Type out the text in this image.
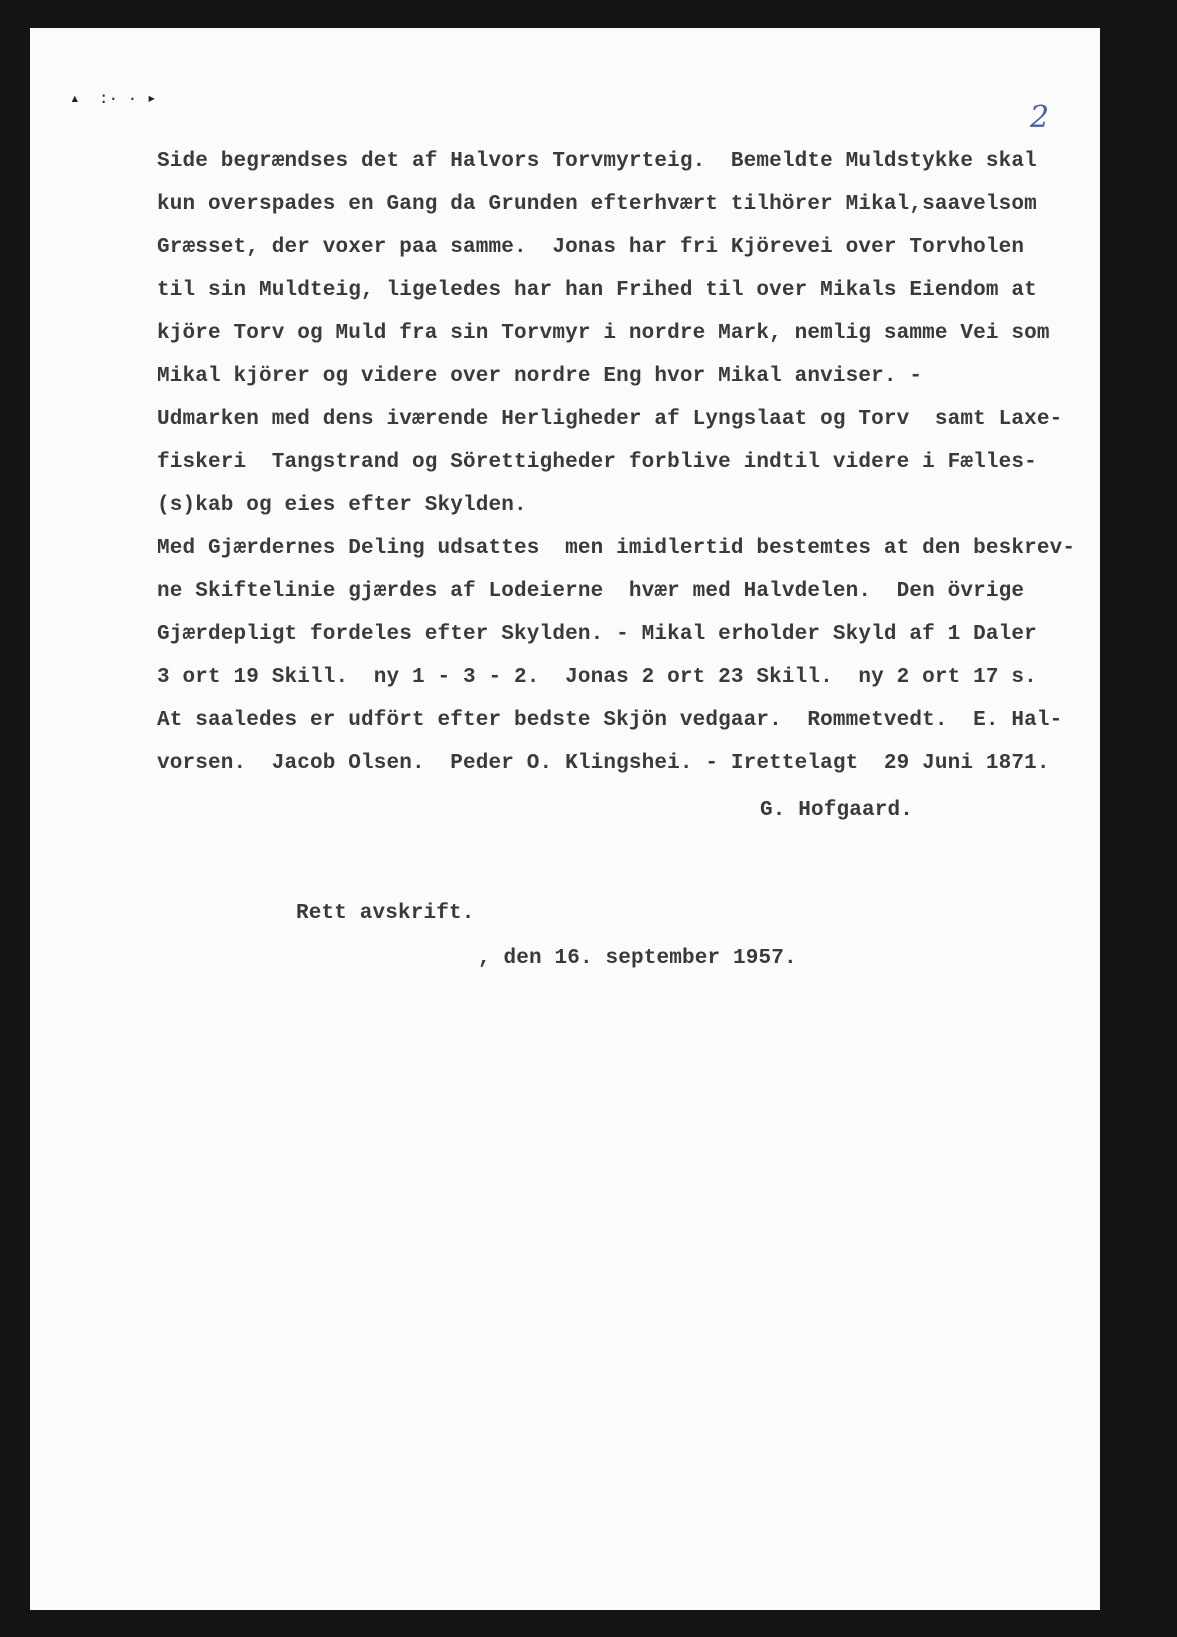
▴  :· · ▸
2
Side begrændses det af Halvors Torvmyrteig.  Bemeldte Muldstykke skal
kun overspades en Gang da Grunden efterhvært tilhörer Mikal,saavelsom
Græsset, der voxer paa samme.  Jonas har fri Kjörevei over Torvholen
til sin Muldteig, ligeledes har han Frihed til over Mikals Eiendom at
kjöre Torv og Muld fra sin Torvmyr i nordre Mark, nemlig samme Vei som
Mikal kjörer og videre over nordre Eng hvor Mikal anviser. -
Udmarken med dens iværende Herligheder af Lyngslaat og Torv  samt Laxe-
fiskeri  Tangstrand og Sörettigheder forblive indtil videre i Fælles-
(s)kab og eies efter Skylden.
Med Gjærdernes Deling udsattes  men imidlertid bestemtes at den beskrev-
ne Skiftelinie gjærdes af Lodeierne  hvær med Halvdelen.  Den övrige
Gjærdepligt fordeles efter Skylden. - Mikal erholder Skyld af 1 Daler
3 ort 19 Skill.  ny 1 - 3 - 2.  Jonas 2 ort 23 Skill.  ny 2 ort 17 s.
At saaledes er udfört efter bedste Skjön vedgaar.  Rommetvedt.  E. Hal-
vorsen.  Jacob Olsen.  Peder O. Klingshei. - Irettelagt  29 Juni 1871.
G. Hofgaard.
Rett avskrift.
, den 16. september 1957.
